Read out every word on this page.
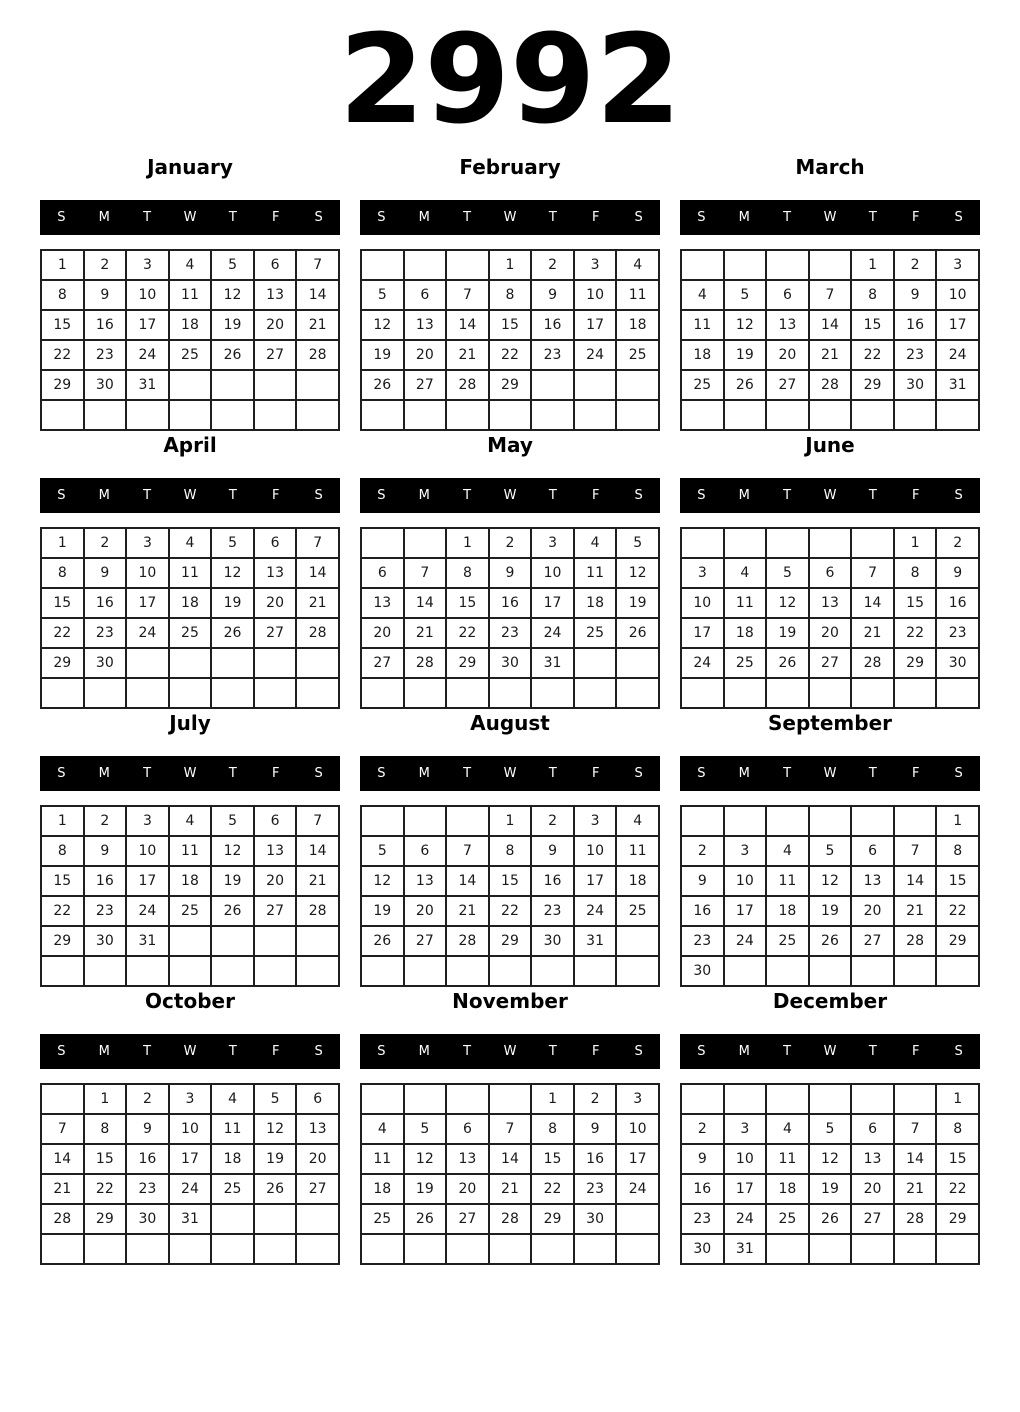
2992
January
S	M	T	W	T	F	S
1	2	3	4	5	6	7
8	9	10	11	12	13	14
15	16	17	18	19	20	21
22	23	24	25	26	27	28
29	30	31				

February
S	M	T	W	T	F	S
			1	2	3	4
5	6	7	8	9	10	11
12	13	14	15	16	17	18
19	20	21	22	23	24	25
26	27	28	29			

March
S	M	T	W	T	F	S
				1	2	3
4	5	6	7	8	9	10
11	12	13	14	15	16	17
18	19	20	21	22	23	24
25	26	27	28	29	30	31

April
S	M	T	W	T	F	S
1	2	3	4	5	6	7
8	9	10	11	12	13	14
15	16	17	18	19	20	21
22	23	24	25	26	27	28
29	30					

May
S	M	T	W	T	F	S
		1	2	3	4	5
6	7	8	9	10	11	12
13	14	15	16	17	18	19
20	21	22	23	24	25	26
27	28	29	30	31		

June
S	M	T	W	T	F	S
					1	2
3	4	5	6	7	8	9
10	11	12	13	14	15	16
17	18	19	20	21	22	23
24	25	26	27	28	29	30

July
S	M	T	W	T	F	S
1	2	3	4	5	6	7
8	9	10	11	12	13	14
15	16	17	18	19	20	21
22	23	24	25	26	27	28
29	30	31				

August
S	M	T	W	T	F	S
			1	2	3	4
5	6	7	8	9	10	11
12	13	14	15	16	17	18
19	20	21	22	23	24	25
26	27	28	29	30	31	

September
S	M	T	W	T	F	S
						1
2	3	4	5	6	7	8
9	10	11	12	13	14	15
16	17	18	19	20	21	22
23	24	25	26	27	28	29
30						
October
S	M	T	W	T	F	S
	1	2	3	4	5	6
7	8	9	10	11	12	13
14	15	16	17	18	19	20
21	22	23	24	25	26	27
28	29	30	31			

November
S	M	T	W	T	F	S
				1	2	3
4	5	6	7	8	9	10
11	12	13	14	15	16	17
18	19	20	21	22	23	24
25	26	27	28	29	30	

December
S	M	T	W	T	F	S
						1
2	3	4	5	6	7	8
9	10	11	12	13	14	15
16	17	18	19	20	21	22
23	24	25	26	27	28	29
30	31					
